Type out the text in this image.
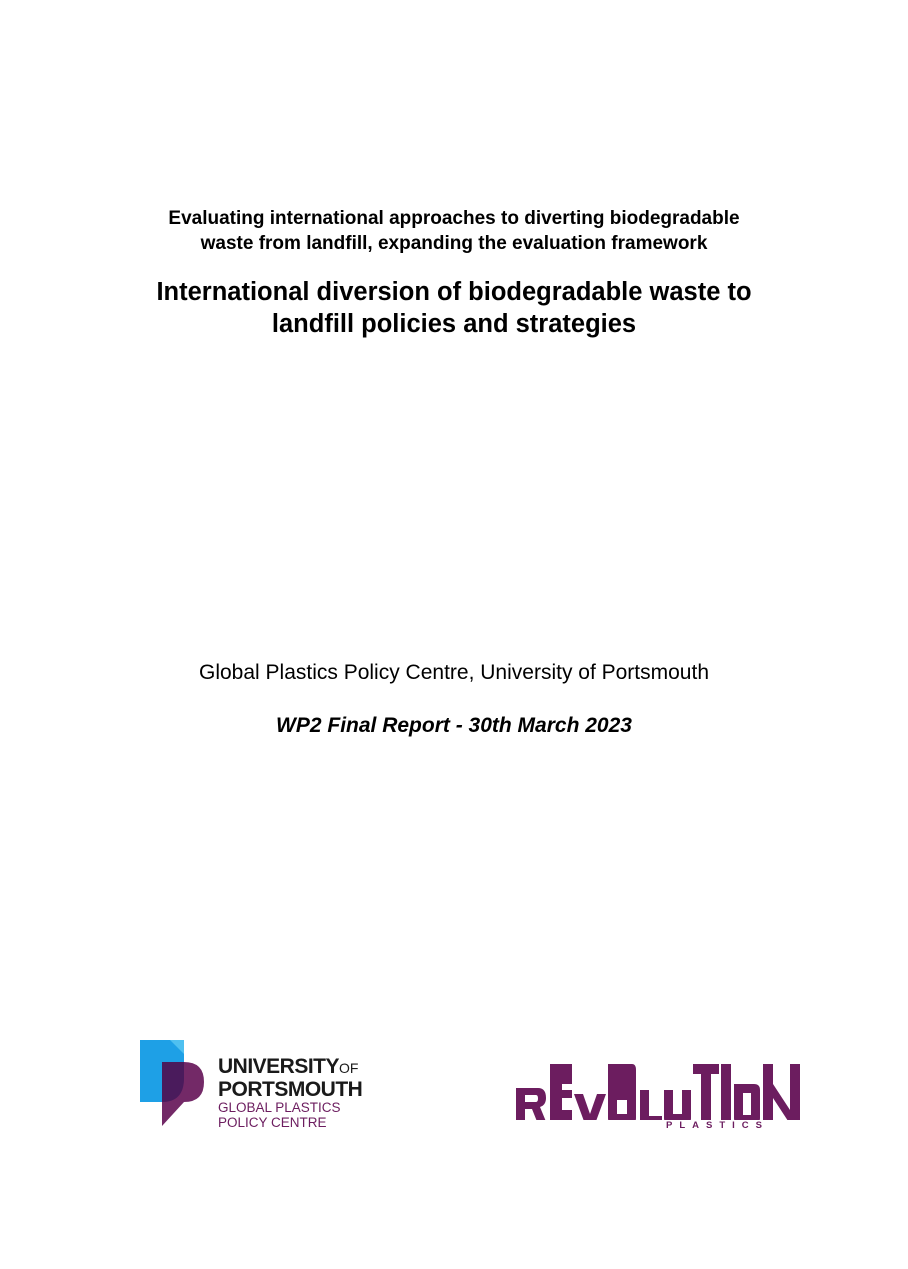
Evaluating international approaches to diverting biodegradable
waste from landfill, expanding the evaluation framework
International diversion of biodegradable waste to
landfill policies and strategies
Global Plastics Policy Centre, University of Portsmouth
WP2 Final Report - 30th March 2023
UNIVERSITYOF
PORTSMOUTH
GLOBAL PLASTICS
POLICY CENTRE	PLASTICS
